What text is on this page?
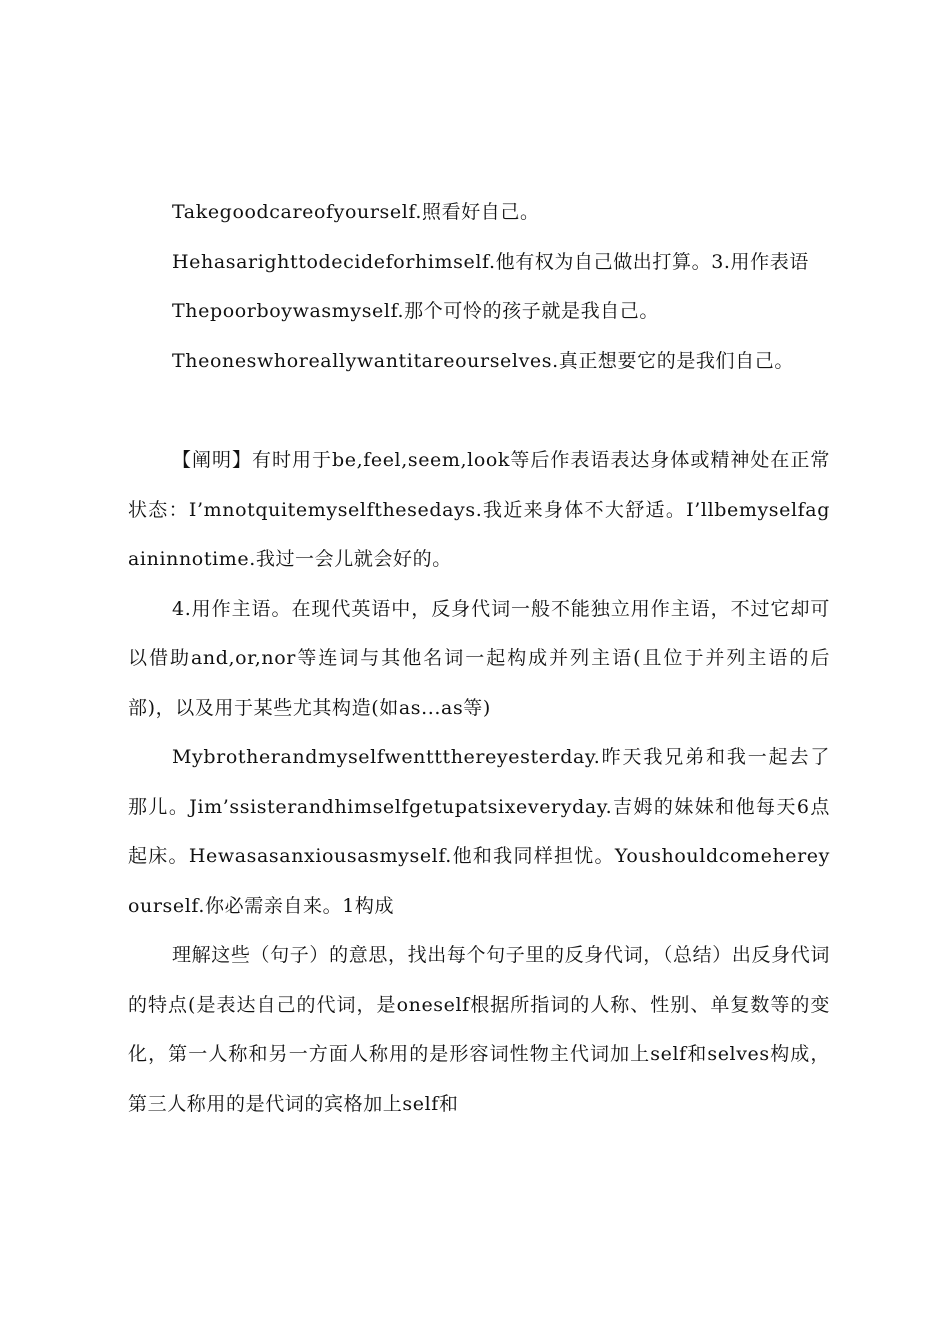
Takegoodcareofyourself.照看好自己。

Hehasarighttodecideforhimself.他有权为自己做出打算。3.用作表语

Thepoorboywasmyself.那个可怜的孩子就是我自己。

Theoneswhoreallywantitareourselves.真正想要它的是我们自己。

【阐明】有时用于be,feel,seem,look等后作表语表达身体或精神处在正常状态：I’mnotquitemyselfthesedays.我近来身体不大舒适。I’llbemyselfagaininnotime.我过一会儿就会好的。

4.用作主语。在现代英语中，反身代词一般不能独立用作主语，不过它却可以借助and,or,nor等连词与其他名词一起构成并列主语(且位于并列主语的后部)，以及用于某些尤其构造(如as...as等)

Mybrotherandmyselfwenttthereyesterday.昨天我兄弟和我一起去了那儿。Jim’ssisterandhimselfgetupatsixeveryday.吉姆的妹妹和他每天6点起床。Hewasasanxiousasmyself.他和我同样担忧。Youshouldcomehereyourself.你必需亲自来。1构成

理解这些（句子）的意思，找出每个句子里的反身代词，（总结）出反身代词的特点(是表达自己的代词，是oneself根据所指词的人称、性别、单复数等的变化，第一人称和另一方面人称用的是形容词性物主代词加上self和selves构成，第三人称用的是代词的宾格加上self和
